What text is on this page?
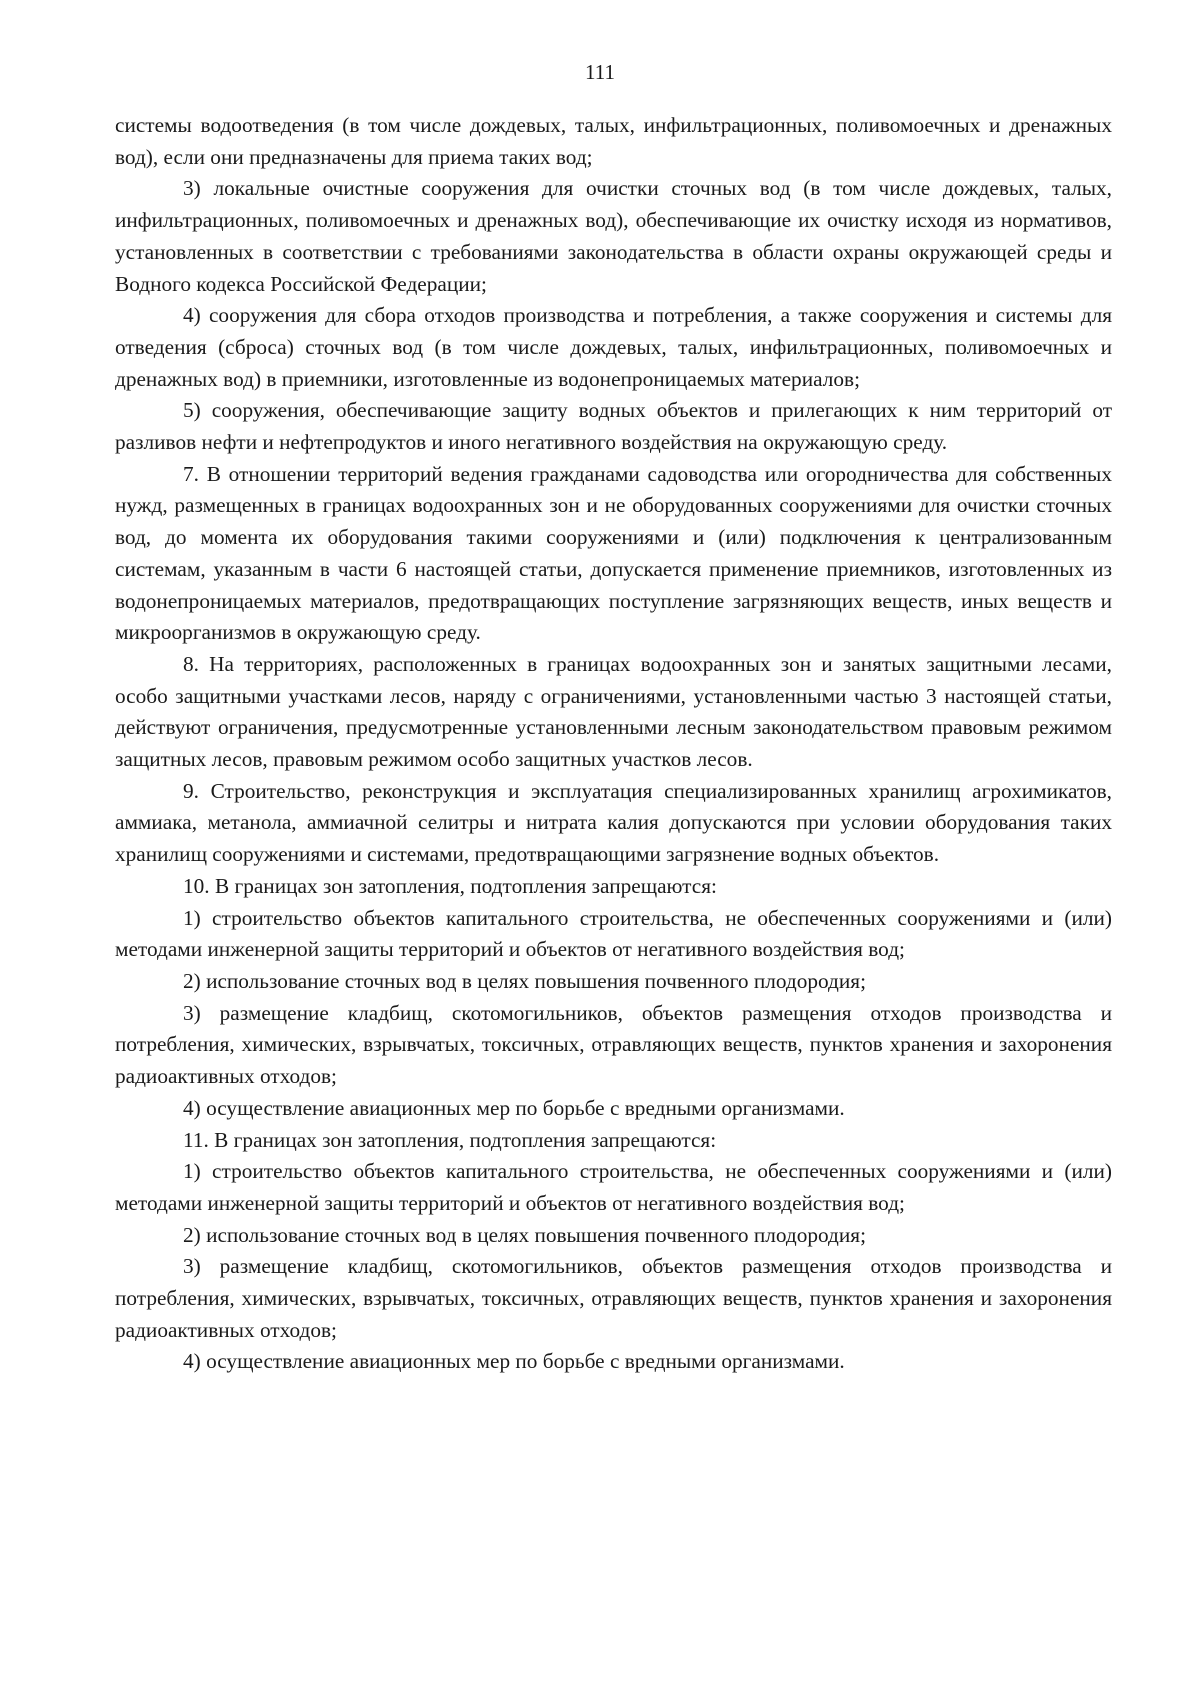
111

системы водоотведения (в том числе дождевых, талых, инфильтрационных, поливомоечных и дренажных вод), если они предназначены для приема таких вод;

3) локальные очистные сооружения для очистки сточных вод (в том числе дождевых, талых, инфильтрационных, поливомоечных и дренажных вод), обеспечивающие их очистку исходя из нормативов, установленных в соответствии с требованиями законодательства в области охраны окружающей среды и Водного кодекса Российской Федерации;

4) сооружения для сбора отходов производства и потребления, а также сооружения и системы для отведения (сброса) сточных вод (в том числе дождевых, талых, инфильтрационных, поливомоечных и дренажных вод) в приемники, изготовленные из водонепроницаемых материалов;

5) сооружения, обеспечивающие защиту водных объектов и прилегающих к ним территорий от разливов нефти и нефтепродуктов и иного негативного воздействия на окружающую среду.

7. В отношении территорий ведения гражданами садоводства или огородничества для собственных нужд, размещенных в границах водоохранных зон и не оборудованных сооружениями для очистки сточных вод, до момента их оборудования такими сооружениями и (или) подключения к централизованным системам, указанным в части 6 настоящей статьи, допускается применение приемников, изготовленных из водонепроницаемых материалов, предотвращающих поступление загрязняющих веществ, иных веществ и микроорганизмов в окружающую среду.

8. На территориях, расположенных в границах водоохранных зон и занятых защитными лесами, особо защитными участками лесов, наряду с ограничениями, установленными частью 3 настоящей статьи, действуют ограничения, предусмотренные установленными лесным законодательством правовым режимом защитных лесов, правовым режимом особо защитных участков лесов.

9. Строительство, реконструкция и эксплуатация специализированных хранилищ агрохимикатов, аммиака, метанола, аммиачной селитры и нитрата калия допускаются при условии оборудования таких хранилищ сооружениями и системами, предотвращающими загрязнение водных объектов.

10. В границах зон затопления, подтопления запрещаются:

1) строительство объектов капитального строительства, не обеспеченных сооружениями и (или) методами инженерной защиты территорий и объектов от негативного воздействия вод;

2) использование сточных вод в целях повышения почвенного плодородия;

3) размещение кладбищ, скотомогильников, объектов размещения отходов производства и потребления, химических, взрывчатых, токсичных, отравляющих веществ, пунктов хранения и захоронения радиоактивных отходов;

4) осуществление авиационных мер по борьбе с вредными организмами.

11. В границах зон затопления, подтопления запрещаются:

1) строительство объектов капитального строительства, не обеспеченных сооружениями и (или) методами инженерной защиты территорий и объектов от негативного воздействия вод;

2) использование сточных вод в целях повышения почвенного плодородия;

3) размещение кладбищ, скотомогильников, объектов размещения отходов производства и потребления, химических, взрывчатых, токсичных, отравляющих веществ, пунктов хранения и захоронения радиоактивных отходов;

4) осуществление авиационных мер по борьбе с вредными организмами.
